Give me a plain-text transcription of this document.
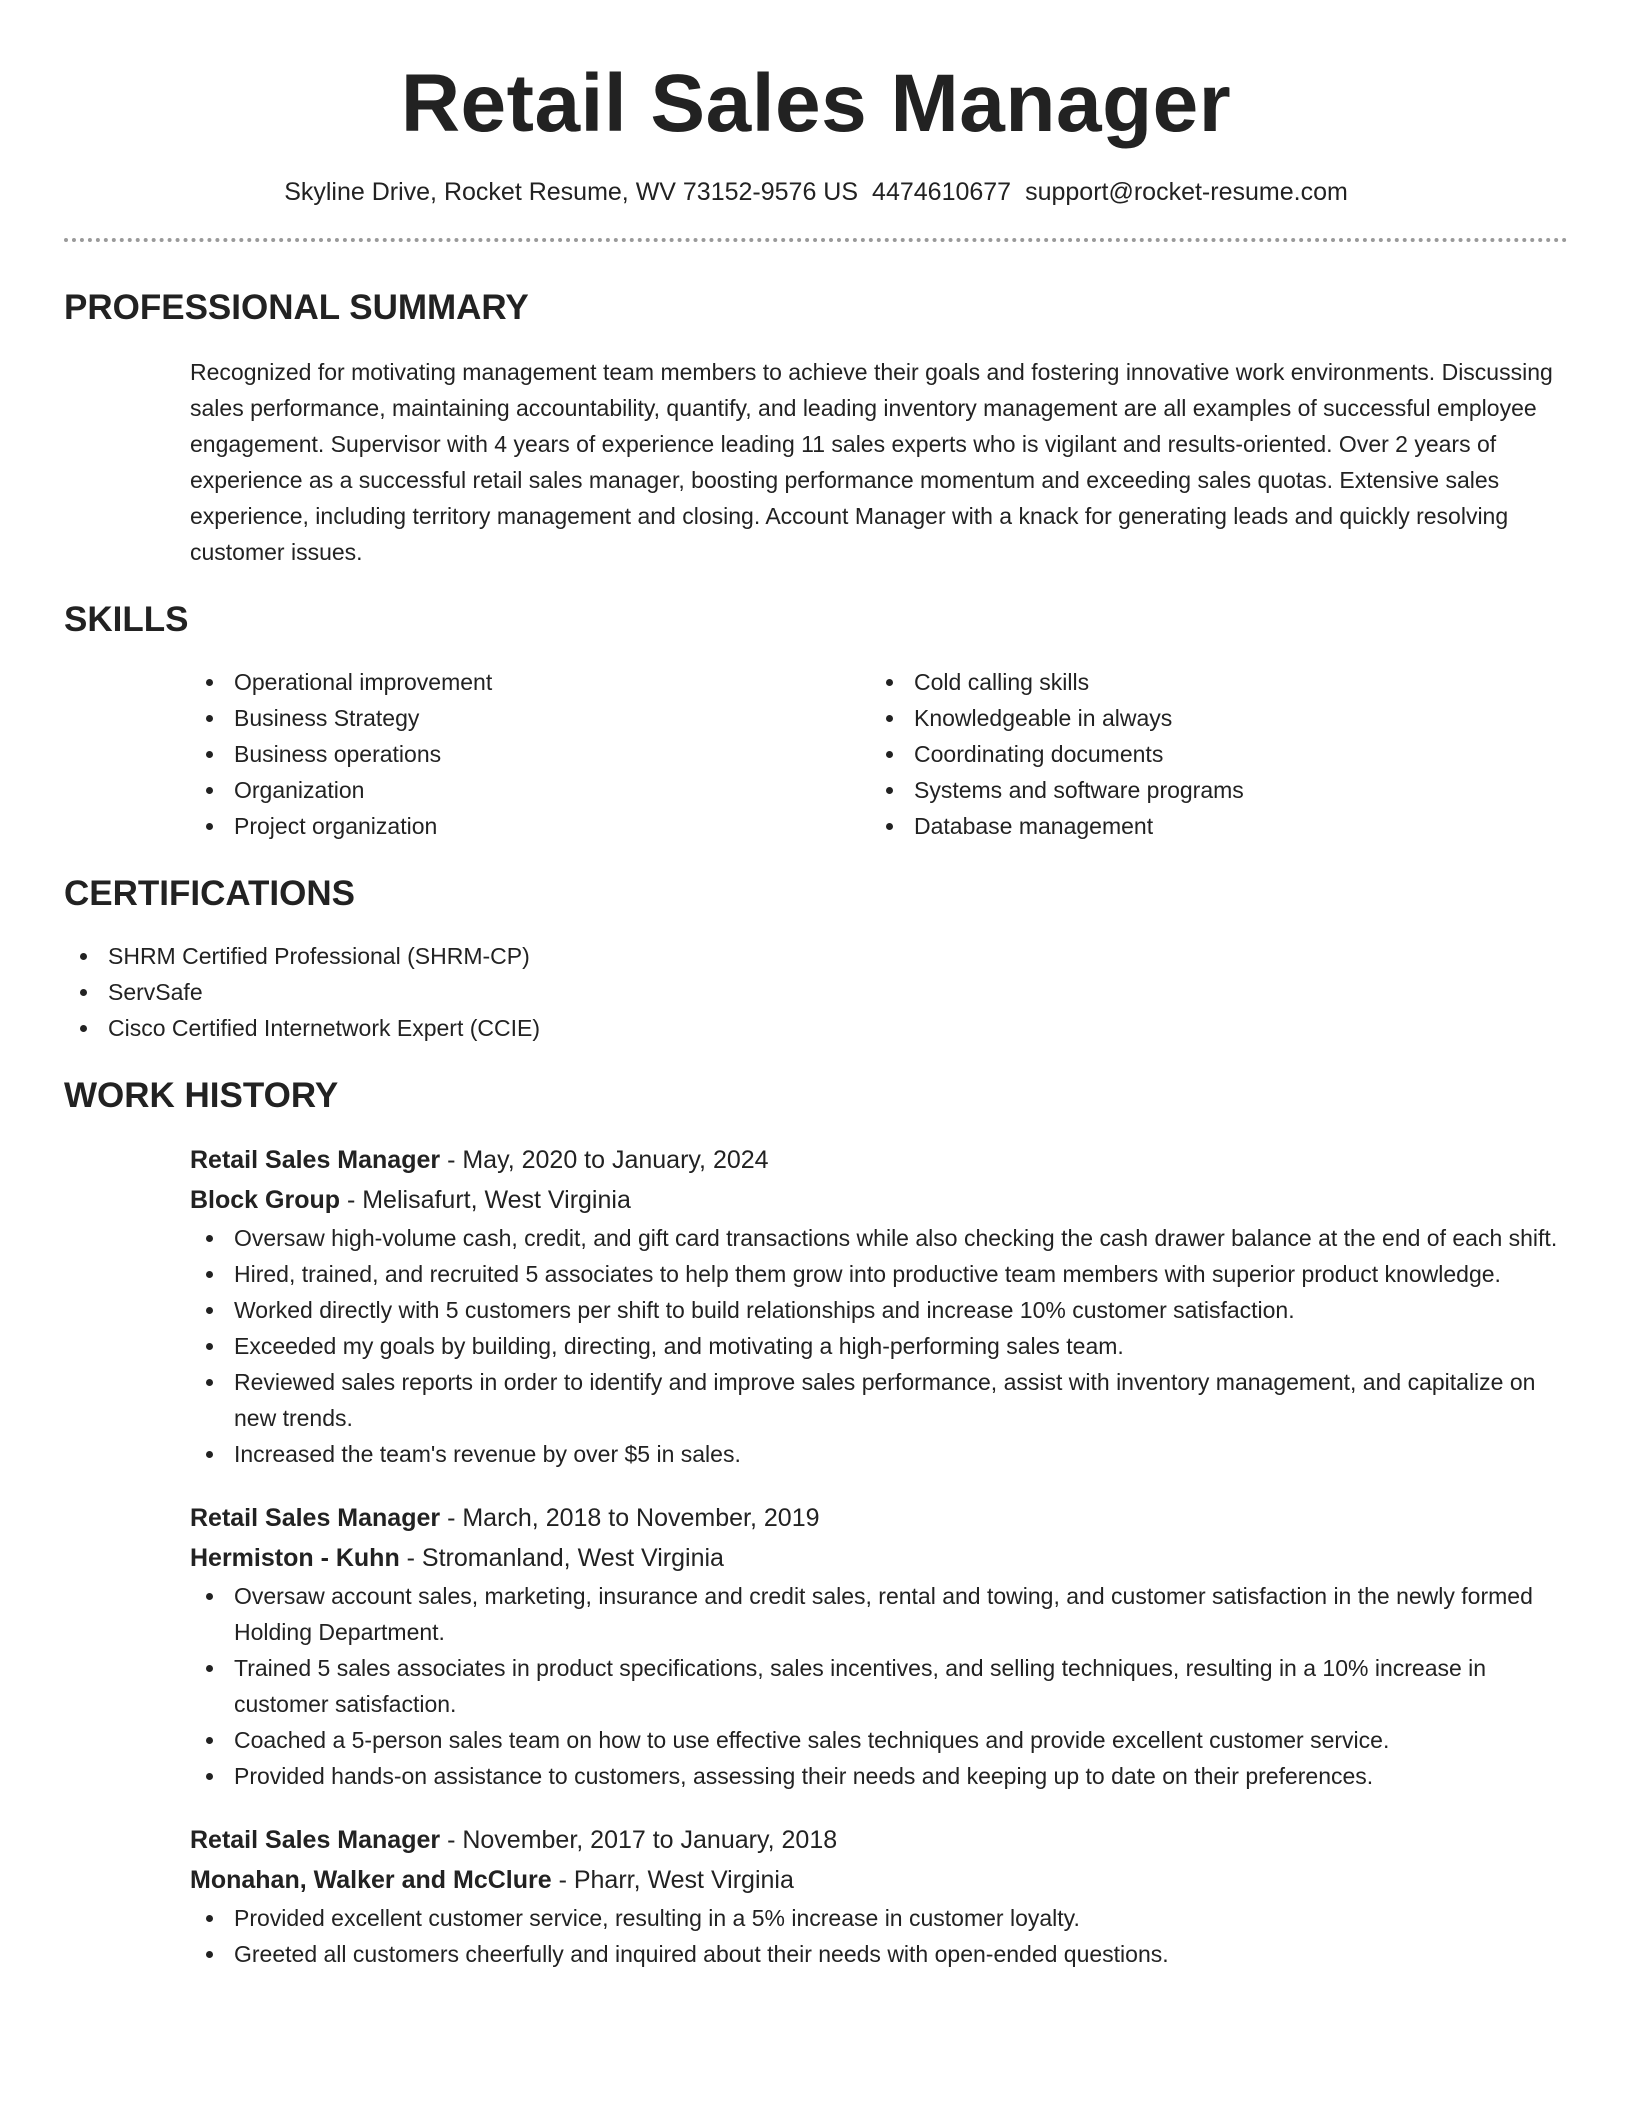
Retail Sales Manager
Skyline Drive, Rocket Resume, WV 73152-9576 US 4474610677 support@rocket-resume.com
PROFESSIONAL SUMMARY

Recognized for motivating management team members to achieve their goals and fostering innovative work environments. Discussing sales performance, maintaining accountability, quantify, and leading inventory management are all examples of successful employee engagement. Supervisor with 4 years of experience leading 11 sales experts who is vigilant and results-oriented. Over 2 years of experience as a successful retail sales manager, boosting performance momentum and exceeding sales quotas. Extensive sales experience, including territory management and closing. Account Manager with a knack for generating leads and quickly resolving customer issues.

SKILLS
Operational improvement
Business Strategy
Business operations
Organization
Project organization
Cold calling skills
Knowledgeable in always
Coordinating documents
Systems and software programs
Database management
CERTIFICATIONS
SHRM Certified Professional (SHRM-CP)
ServSafe
Cisco Certified Internetwork Expert (CCIE)
WORK HISTORY
Retail Sales Manager - May, 2020 to January, 2024
Block Group - Melisafurt, West Virginia
Oversaw high-volume cash, credit, and gift card transactions while also checking the cash drawer balance at the end of each shift.
Hired, trained, and recruited 5 associates to help them grow into productive team members with superior product knowledge.
Worked directly with 5 customers per shift to build relationships and increase 10% customer satisfaction.
Exceeded my goals by building, directing, and motivating a high-performing sales team.
Reviewed sales reports in order to identify and improve sales performance, assist with inventory management, and capitalize on new trends.
Increased the team's revenue by over $5 in sales.
Retail Sales Manager - March, 2018 to November, 2019
Hermiston - Kuhn - Stromanland, West Virginia
Oversaw account sales, marketing, insurance and credit sales, rental and towing, and customer satisfaction in the newly formed Holding Department.
Trained 5 sales associates in product specifications, sales incentives, and selling techniques, resulting in a 10% increase in customer satisfaction.
Coached a 5-person sales team on how to use effective sales techniques and provide excellent customer service.
Provided hands-on assistance to customers, assessing their needs and keeping up to date on their preferences.
Retail Sales Manager - November, 2017 to January, 2018
Monahan, Walker and McClure - Pharr, West Virginia
Provided excellent customer service, resulting in a 5% increase in customer loyalty.
Greeted all customers cheerfully and inquired about their needs with open-ended questions.
